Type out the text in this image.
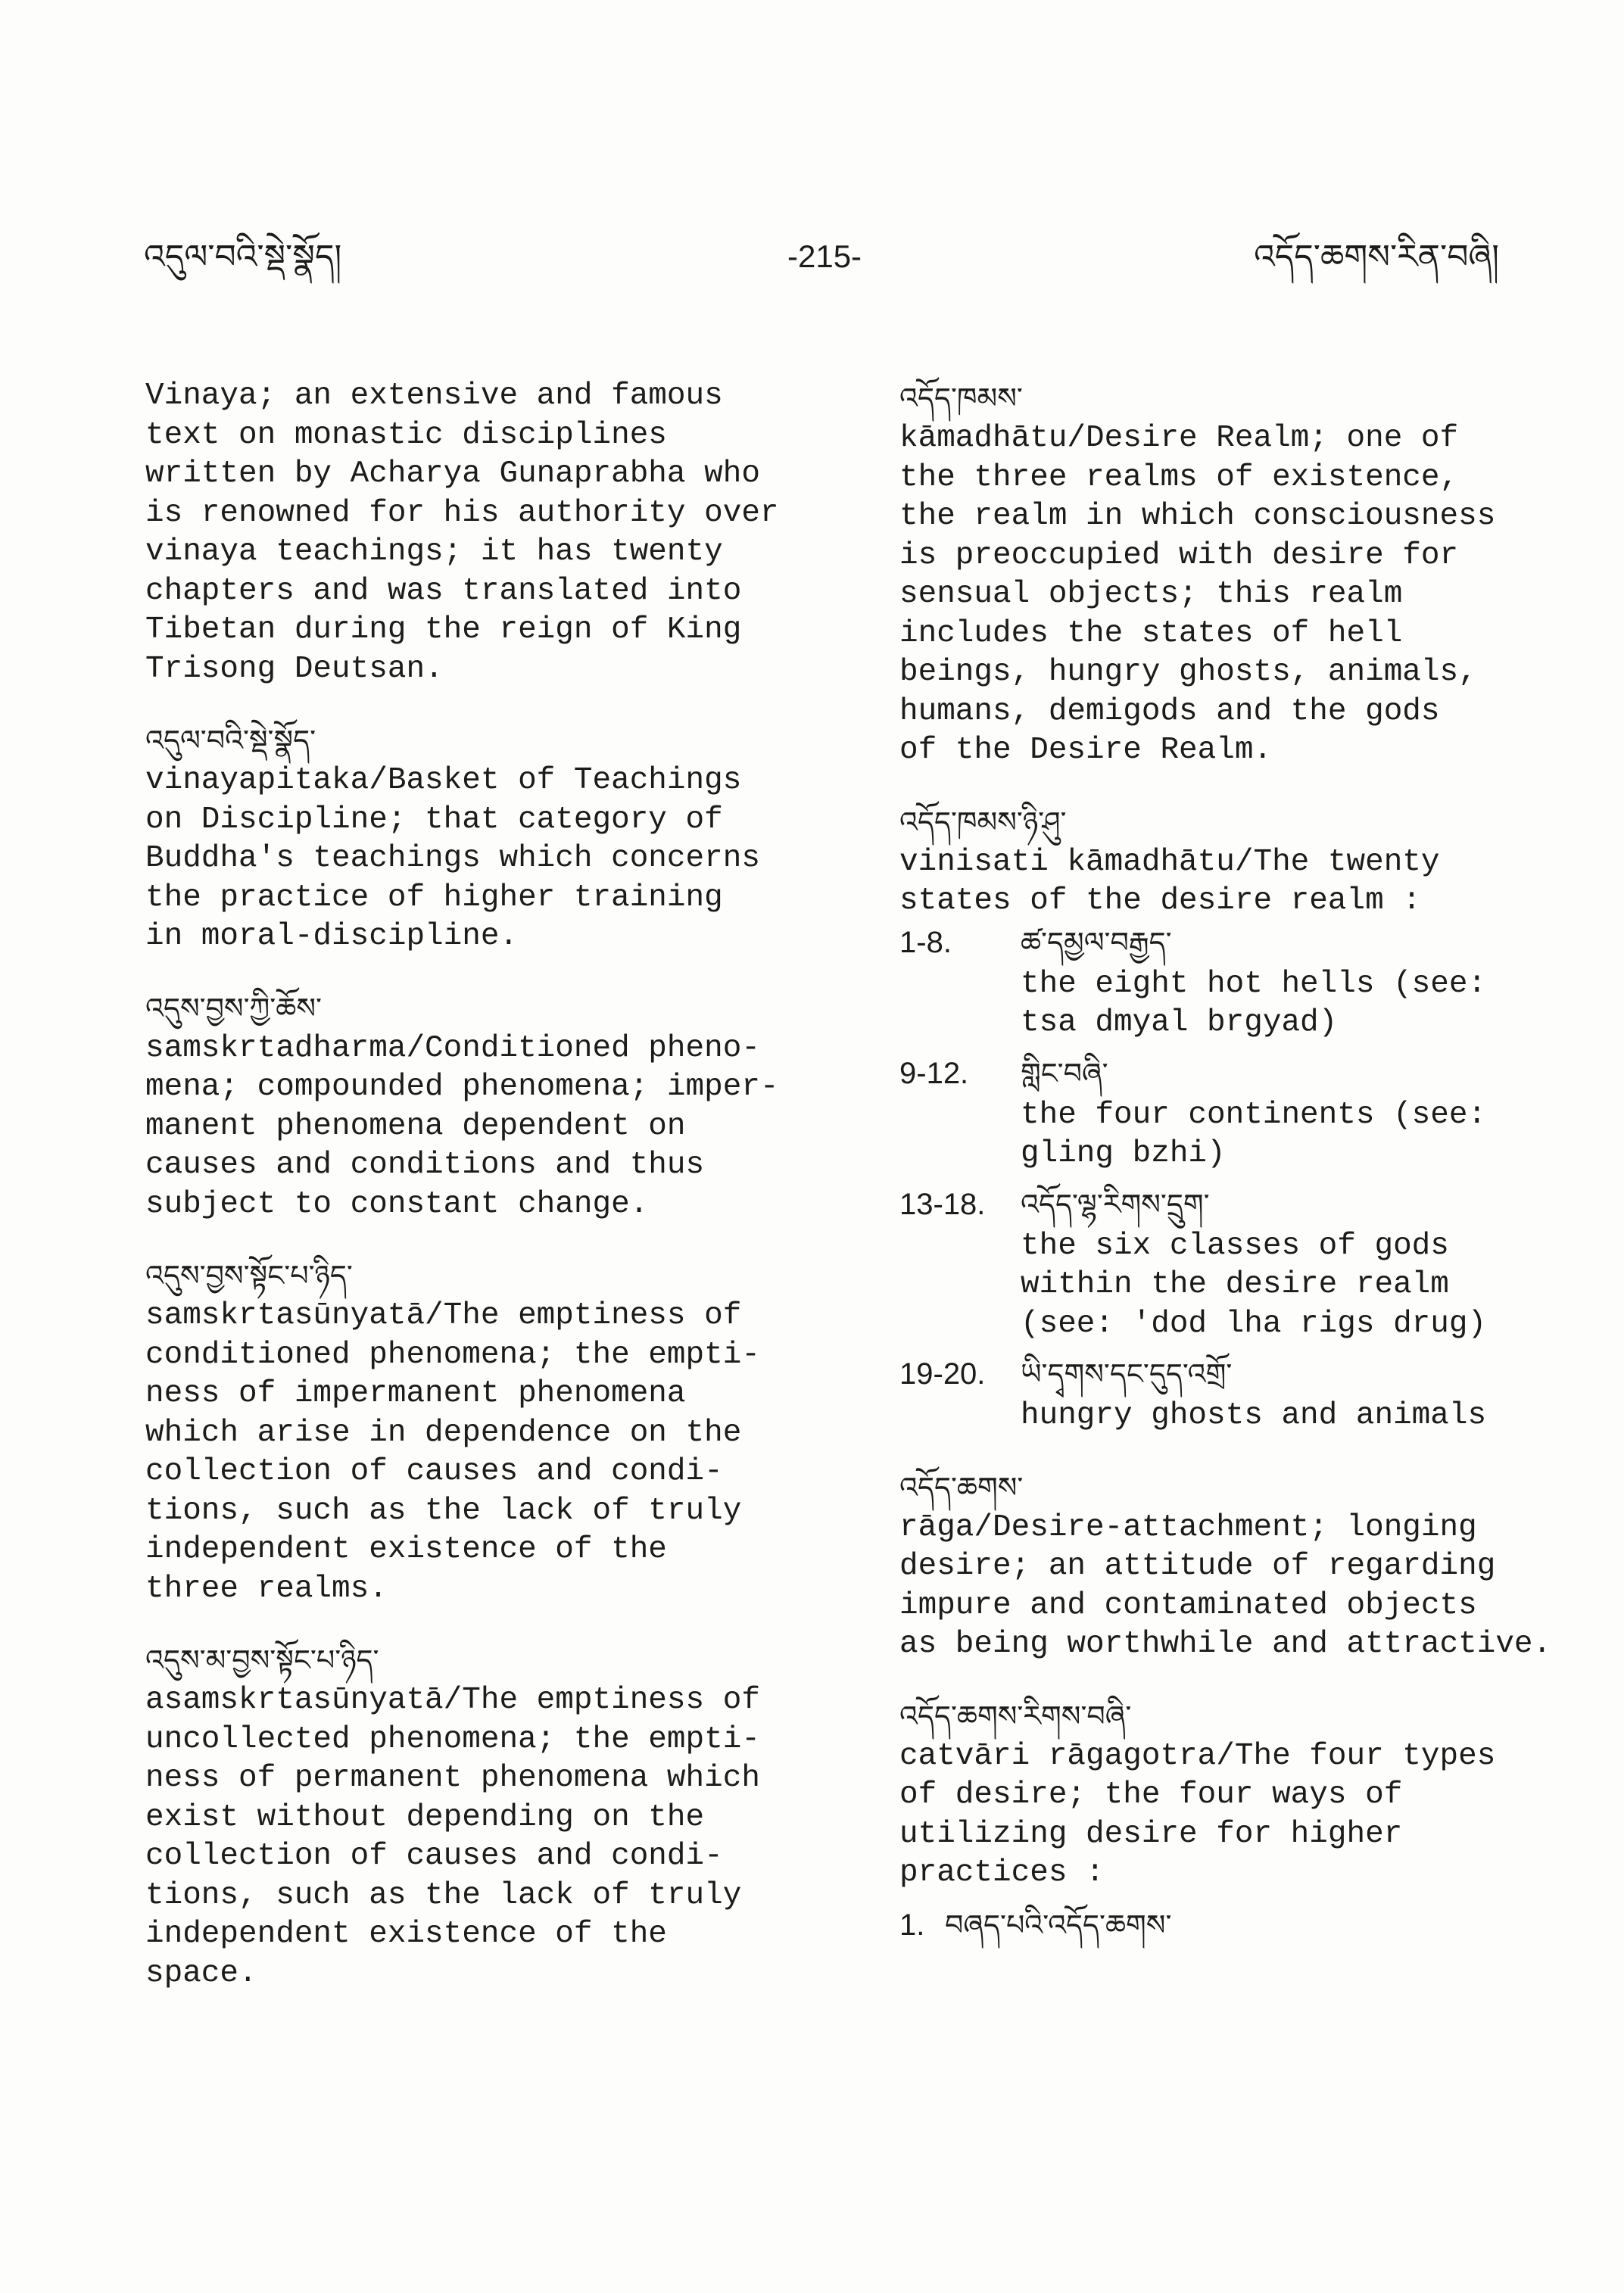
འདུལ་བའི་སྡེ་སྣོད།	-215-	འདོད་ཆགས་རིན་བཞི།

Vinaya; an extensive and famous
text on monastic disciplines
written by Acharya Gunaprabha who
is renowned for his authority over
vinaya teachings; it has twenty
chapters and was translated into
Tibetan during the reign of King
Trisong Deutsan.

འདུལ་བའི་སྡེ་སྣོད་

vinayapitaka/Basket of Teachings
on Discipline; that category of
Buddha's teachings which concerns
the practice of higher training
in moral-discipline.

འདུས་བྱས་ཀྱི་ཆོས་

samskrtadharma/Conditioned pheno-
mena; compounded phenomena; imper-
manent phenomena dependent on
causes and conditions and thus
subject to constant change.

འདུས་བྱས་སྟོང་པ་ཉིད་

samskrtasūnyatā/The emptiness of
conditioned phenomena; the empti-
ness of impermanent phenomena
which arise in dependence on the
collection of causes and condi-
tions, such as the lack of truly
independent existence of the
three realms.

འདུས་མ་བྱས་སྟོང་པ་ཉིད་

asamskrtasūnyatā/The emptiness of
uncollected phenomena; the empti-
ness of permanent phenomena which
exist without depending on the
collection of causes and condi-
tions, such as the lack of truly
independent existence of the
space.

འདོད་ཁམས་

kāmadhātu/Desire Realm; one of
the three realms of existence,
the realm in which consciousness
is preoccupied with desire for
sensual objects; this realm
includes the states of hell
beings, hungry ghosts, animals,
humans, demigods and the gods
of the Desire Realm.

འདོད་ཁམས་ཉི་ཤུ་

vinisati kāmadhātu/The twenty
states of the desire realm :

1-8. ཚ་དམྱལ་བརྒྱད་

the eight hot hells (see:
tsa dmyal brgyad)

9-12. གླིང་བཞི་

the four continents (see:
gling bzhi)

13-18. འདོད་ལྷ་རིགས་དྲུག་

the six classes of gods
within the desire realm
(see: 'dod lha rigs drug)

19-20. ཡི་དྭགས་དང་དུད་འགྲོ་

hungry ghosts and animals

འདོད་ཆགས་

rāga/Desire-attachment; longing
desire; an attitude of regarding
impure and contaminated objects
as being worthwhile and attractive.

འདོད་ཆགས་རིགས་བཞི་

catvāri rāgagotra/The four types
of desire; the four ways of
utilizing desire for higher
practices :

1. བཞད་པའི་འདོད་ཆགས་
